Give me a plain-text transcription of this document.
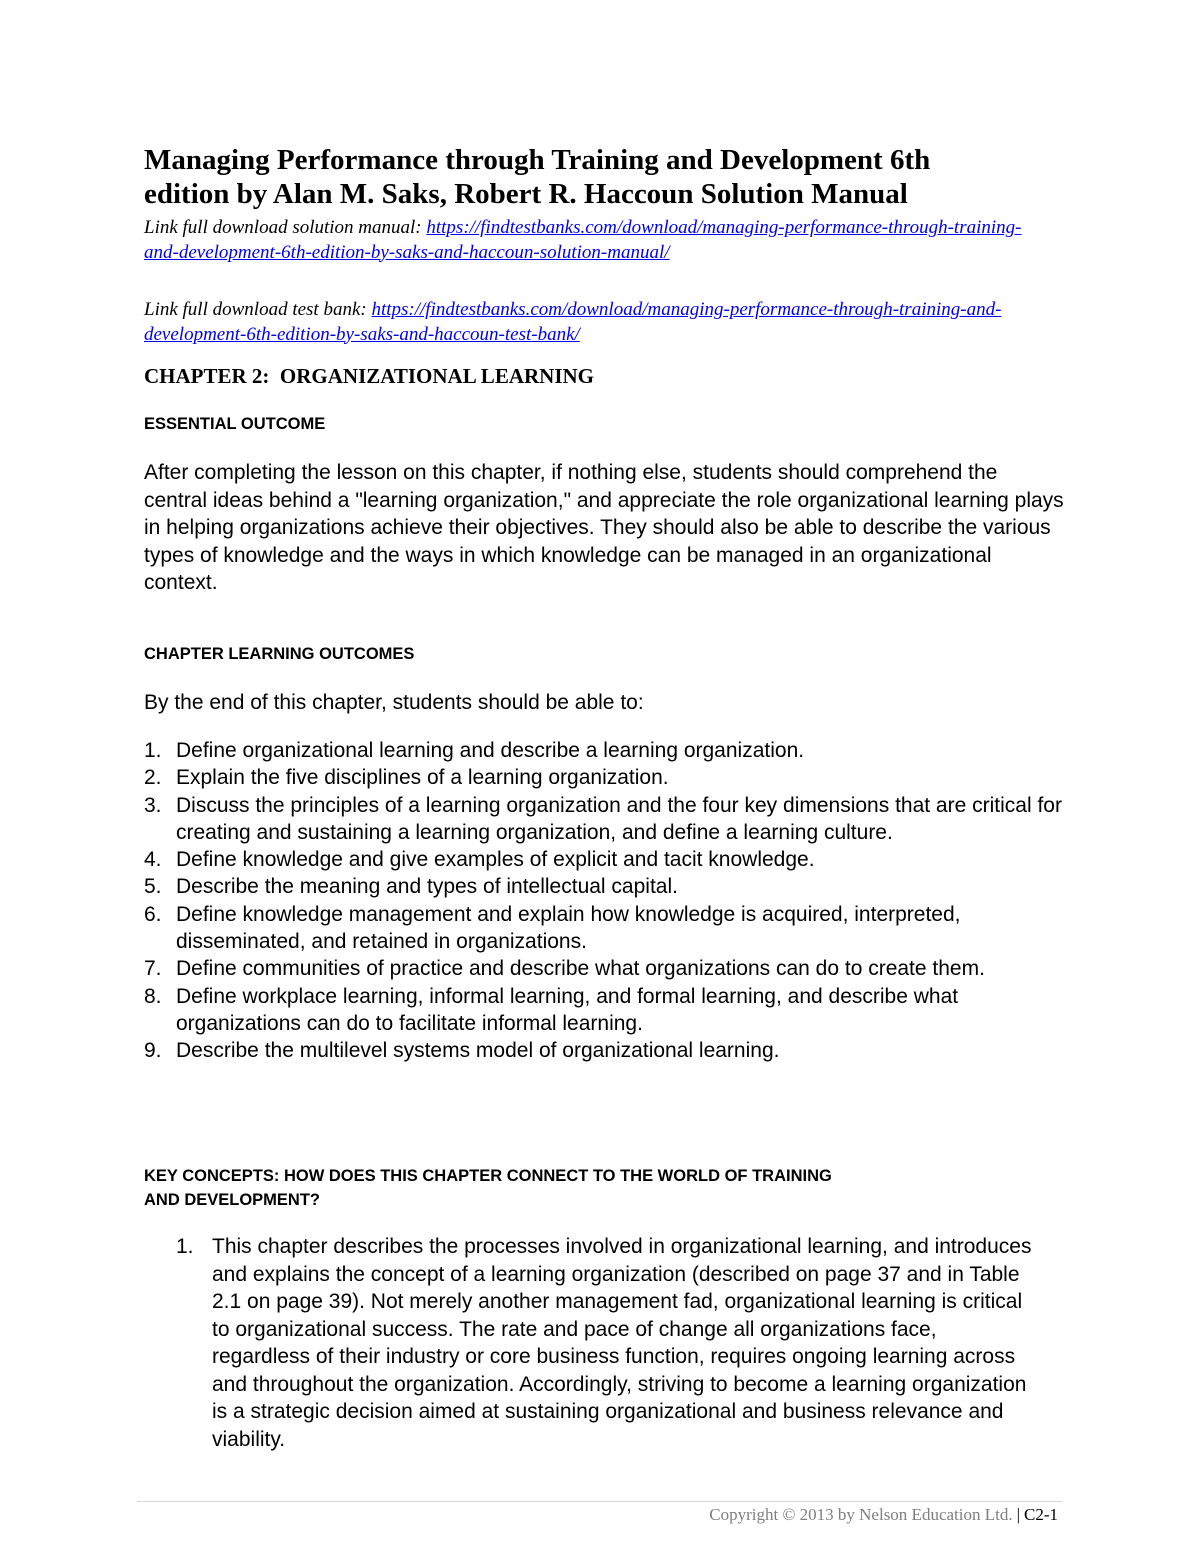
Managing Performance through Training and Development 6th
edition by Alan M. Saks, Robert R. Haccoun Solution Manual
Link full download solution manual: https://findtestbanks.com/download/managing-performance-through-training-and-development-6th-edition-by-saks-and-haccoun-solution-manual/
Link full download test bank: https://findtestbanks.com/download/managing-performance-through-training-and-development-6th-edition-by-saks-and-haccoun-test-bank/
CHAPTER 2:  ORGANIZATIONAL LEARNING
ESSENTIAL OUTCOME

After completing the lesson on this chapter, if nothing else, students should comprehend the central ideas behind a "learning organization," and appreciate the role organizational learning plays in helping organizations achieve their objectives. They should also be able to describe the various types of knowledge and the ways in which knowledge can be managed in an organizational context.

CHAPTER LEARNING OUTCOMES

By the end of this chapter, students should be able to:

1. Define organizational learning and describe a learning organization.
2. Explain the five disciplines of a learning organization.
3. Discuss the principles of a learning organization and the four key dimensions that are critical for creating and sustaining a learning organization, and define a learning culture.
4. Define knowledge and give examples of explicit and tacit knowledge.
5. Describe the meaning and types of intellectual capital.
6. Define knowledge management and explain how knowledge is acquired, interpreted, disseminated, and retained in organizations.
7. Define communities of practice and describe what organizations can do to create them.
8. Define workplace learning, informal learning, and formal learning, and describe what organizations can do to facilitate informal learning.
9. Describe the multilevel systems model of organizational learning.
KEY CONCEPTS: HOW DOES THIS CHAPTER CONNECT TO THE WORLD OF TRAINING
AND DEVELOPMENT?
1. This chapter describes the processes involved in organizational learning, and introduces and explains the concept of a learning organization (described on page 37 and in Table 2.1 on page 39). Not merely another management fad, organizational learning is critical to organizational success. The rate and pace of change all organizations face, regardless of their industry or core business function, requires ongoing learning across and throughout the organization. Accordingly, striving to become a learning organization is a strategic decision aimed at sustaining organizational and business relevance and viability.
Copyright © 2013 by Nelson Education Ltd. | C2-1
